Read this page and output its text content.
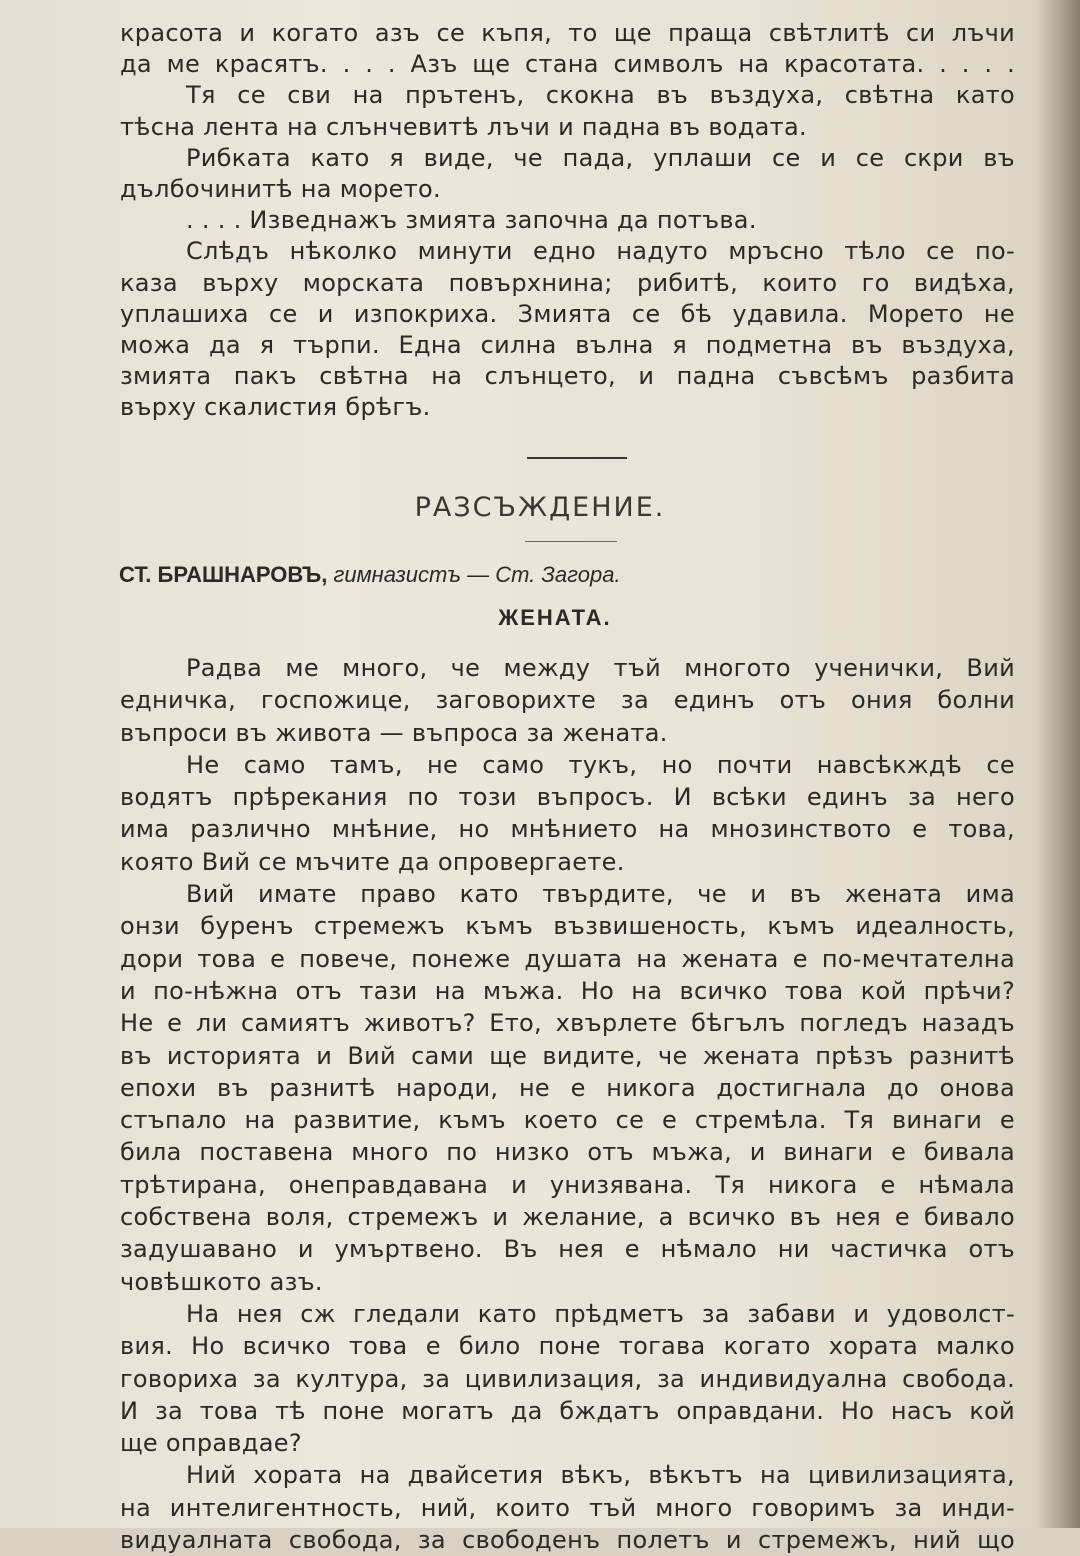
красота и когато азъ се къпя, то ще праща свѣтлитѣ си лъчи
да ме красятъ. . . . Азъ ще стана символъ на красотата. . . . .
Тя се сви на прътенъ, скокна въ въздуха, свѣтна като
тѣсна лента на слънчевитѣ лъчи и падна въ водата.
Рибката като я виде, че пада, уплаши се и се скри въ
дълбочинитѣ на морето.
. . . . Изведнажъ змията започна да потъва.
Слѣдъ нѣколко минути едно надуто мръсно тѣло се по-
каза върху морската повърхнина; рибитѣ, които го видѣха,
уплашиха се и изпокриха. Змията се бѣ удавила. Морето не
можа да я търпи. Една силна вълна я подметна въ въздуха,
змията пакъ свѣтна на слънцето, и падна съвсѣмъ разбита
върху скалистия брѣгъ.
РАЗСЪЖДЕНИЕ.
СТ. БРАШНАРОВЪ, гимназистъ — Ст. Загора.
ЖЕНАТА.
Радва ме много, че между тъй многото ученички, Вий
едничка, госпожице, заговорихте за единъ отъ ония болни
въпроси въ живота — въпроса за жената.
Не само тамъ, не само тукъ, но почти навсѣкждѣ се
водятъ прѣрекания по този въпросъ. И всѣки единъ за него
има различно мнѣние, но мнѣнието на мнозинството е това,
която Вий се мъчите да опровергаете.
Вий имате право като твърдите, че и въ жената има
онзи буренъ стремежъ къмъ възвишеность, къмъ идеалность,
дори това е повече, понеже душата на жената е по-мечтателна
и по-нѣжна отъ тази на мъжа. Но на всичко това кой прѣчи?
Не е ли самиятъ животъ? Ето, хвърлете бѣгълъ погледъ назадъ
въ историята и Вий сами ще видите, че жената прѣзъ разнитѣ
епохи въ разнитѣ народи, не е никога достигнала до онова
стъпало на развитие, къмъ което се е стремѣла. Тя винаги е
била поставена много по низко отъ мъжа, и винаги е бивала
трѣтирана, онеправдавана и унизявана. Тя никога е нѣмала
собствена воля, стремежъ и желание, а всичко въ нея е бивало
задушавано и умъртвено. Въ нея е нѣмало ни частичка отъ
човѣшкото азъ.
На нея сж гледали като прѣдметъ за забави и удоволст-
вия. Но всичко това е било поне тогава когато хората малко
говориха за култура, за цивилизация, за индивидуална свобода.
И за това тѣ поне могатъ да бждатъ оправдани. Но насъ кой
ще оправдае?
Ний хората на двайсетия вѣкъ, вѣкътъ на цивилизацията,
на интелигентность, ний, които тъй много говоримъ за инди-
видуалната свобода, за свободенъ полетъ и стремежъ, ний що
